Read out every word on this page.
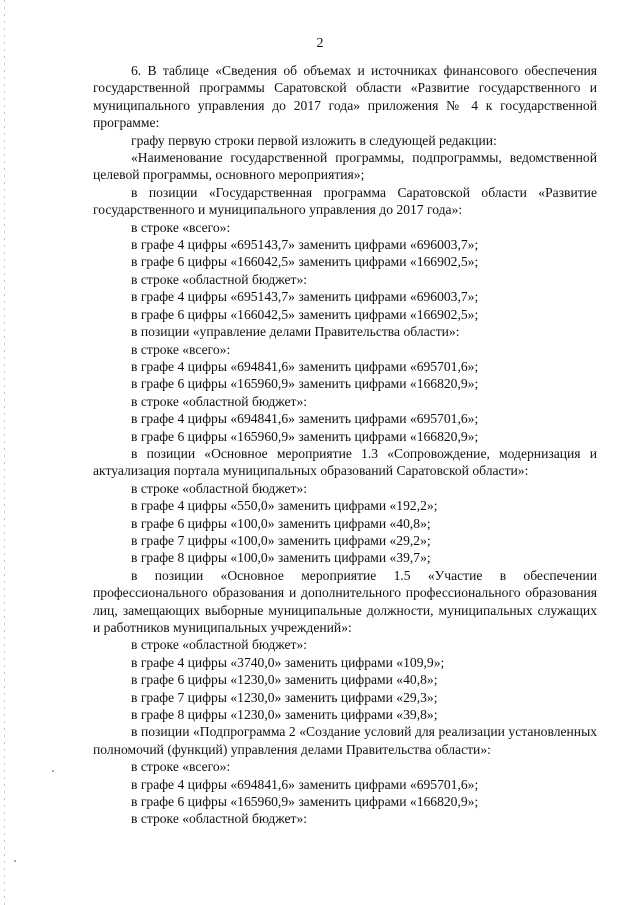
2

6. В таблице «Сведения об объемах и источниках финансового обеспечения государственной программы Саратовской области «Развитие государственного и муниципального управления до 2017 года» приложения № 4 к государственной программе:

графу первую строки первой изложить в следующей редакции:

«Наименование государственной программы, подпрограммы, ведомственной целевой программы, основного мероприятия»;

в позиции «Государственная программа Саратовской области «Развитие государственного и муниципального управления до 2017 года»:

в строке «всего»:

в графе 4 цифры «695143,7» заменить цифрами «696003,7»;

в графе 6 цифры «166042,5» заменить цифрами «166902,5»;

в строке «областной бюджет»:

в графе 4 цифры «695143,7» заменить цифрами «696003,7»;

в графе 6 цифры «166042,5» заменить цифрами «166902,5»;

в позиции «управление делами Правительства области»:

в строке «всего»:

в графе 4 цифры «694841,6» заменить цифрами «695701,6»;

в графе 6 цифры «165960,9» заменить цифрами «166820,9»;

в строке «областной бюджет»:

в графе 4 цифры «694841,6» заменить цифрами «695701,6»;

в графе 6 цифры «165960,9» заменить цифрами «166820,9»;

в позиции «Основное мероприятие 1.3 «Сопровождение, модернизация и актуализация портала муниципальных образований Саратовской области»:

в строке «областной бюджет»:

в графе 4 цифры «550,0» заменить цифрами «192,2»;

в графе 6 цифры «100,0» заменить цифрами «40,8»;

в графе 7 цифры «100,0» заменить цифрами «29,2»;

в графе 8 цифры «100,0» заменить цифрами «39,7»;

в позиции «Основное мероприятие 1.5 «Участие в обеспечении профессионального образования и дополнительного профессионального образования лиц, замещающих выборные муниципальные должности, муниципальных служащих и работников муниципальных учреждений»:

в строке «областной бюджет»:

в графе 4 цифры «3740,0» заменить цифрами «109,9»;

в графе 6 цифры «1230,0» заменить цифрами «40,8»;

в графе 7 цифры «1230,0» заменить цифрами «29,3»;

в графе 8 цифры «1230,0» заменить цифрами «39,8»;

в позиции «Подпрограмма 2 «Создание условий для реализации установленных полномочий (функций) управления делами Правительства области»:

в строке «всего»:

в графе 4 цифры «694841,6» заменить цифрами «695701,6»;

в графе 6 цифры «165960,9» заменить цифрами «166820,9»;

в строке «областной бюджет»:
